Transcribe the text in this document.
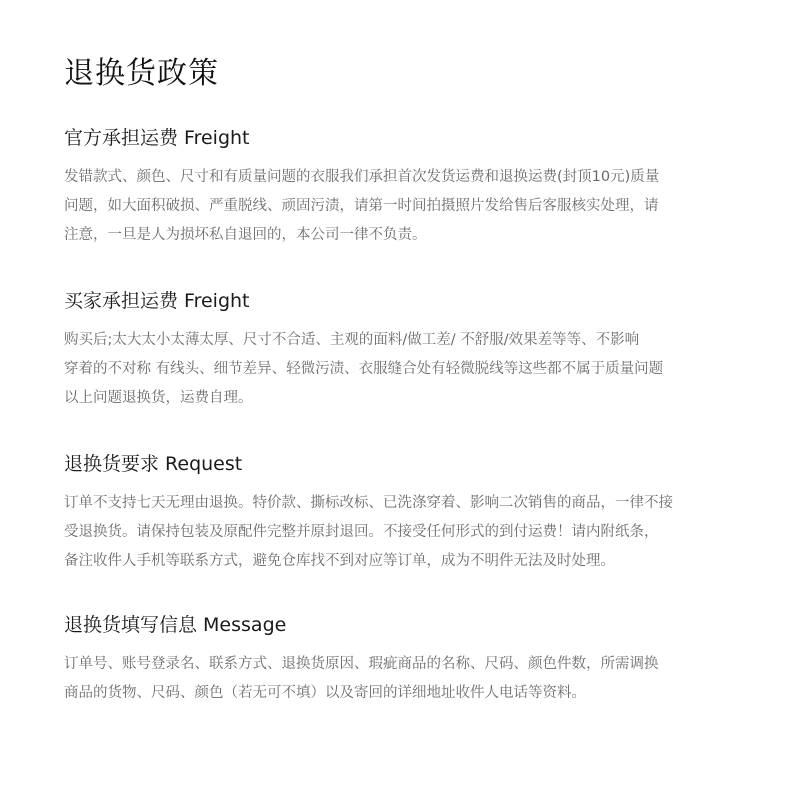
退换货政策
官方承担运费 Freight

发错款式、颜色、尺寸和有质量问题的衣服我们承担首次发货运费和退换运费(封顶10元)质量
问题，如大面积破损、严重脱线、顽固污渍，请第一时间拍摄照片发给售后客服核实处理，请
注意，一旦是人为损坏私自退回的，本公司一律不负责。

买家承担运费 Freight

购买后;太大太小太薄太厚、尺寸不合适、主观的面料/做工差/ 不舒服/效果差等等、不影响
穿着的不对称 有线头、细节差异、轻微污渍、衣服缝合处有轻微脱线等这些都不属于质量问题
以上问题退换货，运费自理。

退换货要求 Request

订单不支持七天无理由退换。特价款、撕标改标、已洗涤穿着、影响二次销售的商品，一律不接
受退换货。请保持包装及原配件完整并原封退回。不接受任何形式的到付运费！请内附纸条，
备注收件人手机等联系方式，避免仓库找不到对应等订单，成为不明件无法及时处理。

退换货填写信息 Message

订单号、账号登录名、联系方式、退换货原因、瑕疵商品的名称、尺码、颜色件数，所需调换
商品的货物、尺码、颜色（若无可不填）以及寄回的详细地址收件人电话等资料。
